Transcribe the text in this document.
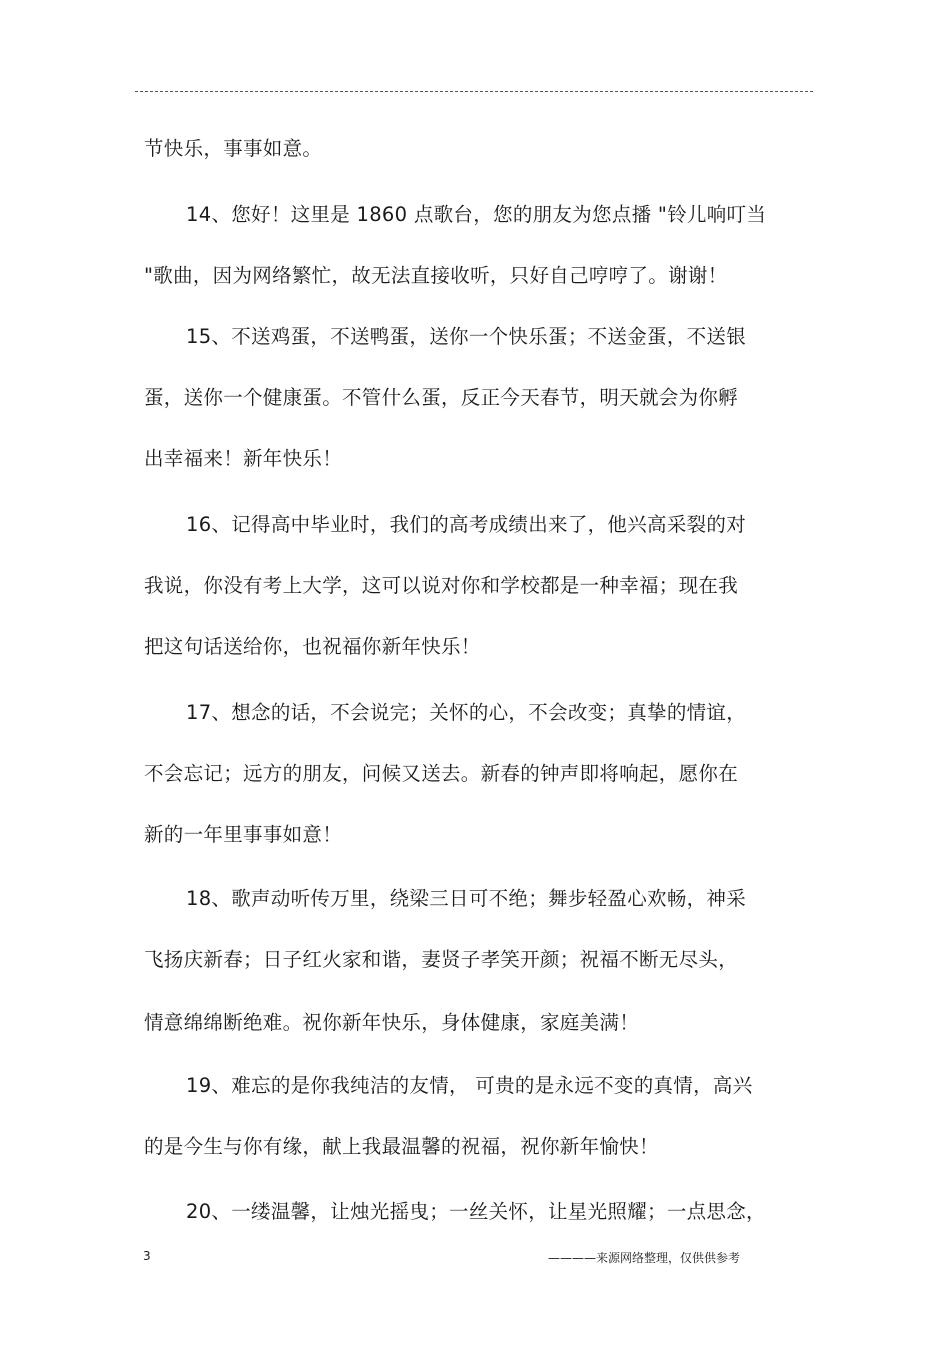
节快乐，事事如意。
14、您好！这里是 1860 点歌台，您的朋友为您点播 "铃儿响叮当
"歌曲，因为网络繁忙，故无法直接收听，只好自己哼哼了。谢谢！
15、不送鸡蛋，不送鸭蛋，送你一个快乐蛋；不送金蛋，不送银
蛋，送你一个健康蛋。不管什么蛋，反正今天春节，明天就会为你孵
出幸福来！新年快乐！
16、记得高中毕业时，我们的高考成绩出来了，他兴高采裂的对
我说，你没有考上大学，这可以说对你和学校都是一种幸福；现在我
把这句话送给你，也祝福你新年快乐！
17、想念的话，不会说完；关怀的心，不会改变；真挚的情谊，
不会忘记；远方的朋友，问候又送去。新春的钟声即将响起，愿你在
新的一年里事事如意！
18、歌声动听传万里，绕梁三日可不绝；舞步轻盈心欢畅，神采
飞扬庆新春；日子红火家和谐，妻贤子孝笑开颜；祝福不断无尽头，
情意绵绵断绝难。祝你新年快乐，身体健康，家庭美满！
19、难忘的是你我纯洁的友情， 可贵的是永远不变的真情，高兴
的是今生与你有缘，献上我最温馨的祝福，祝你新年愉快！
20、一缕温馨，让烛光摇曳；一丝关怀，让星光照耀；一点思念，
3	————来源网络整理，仅供供参考
